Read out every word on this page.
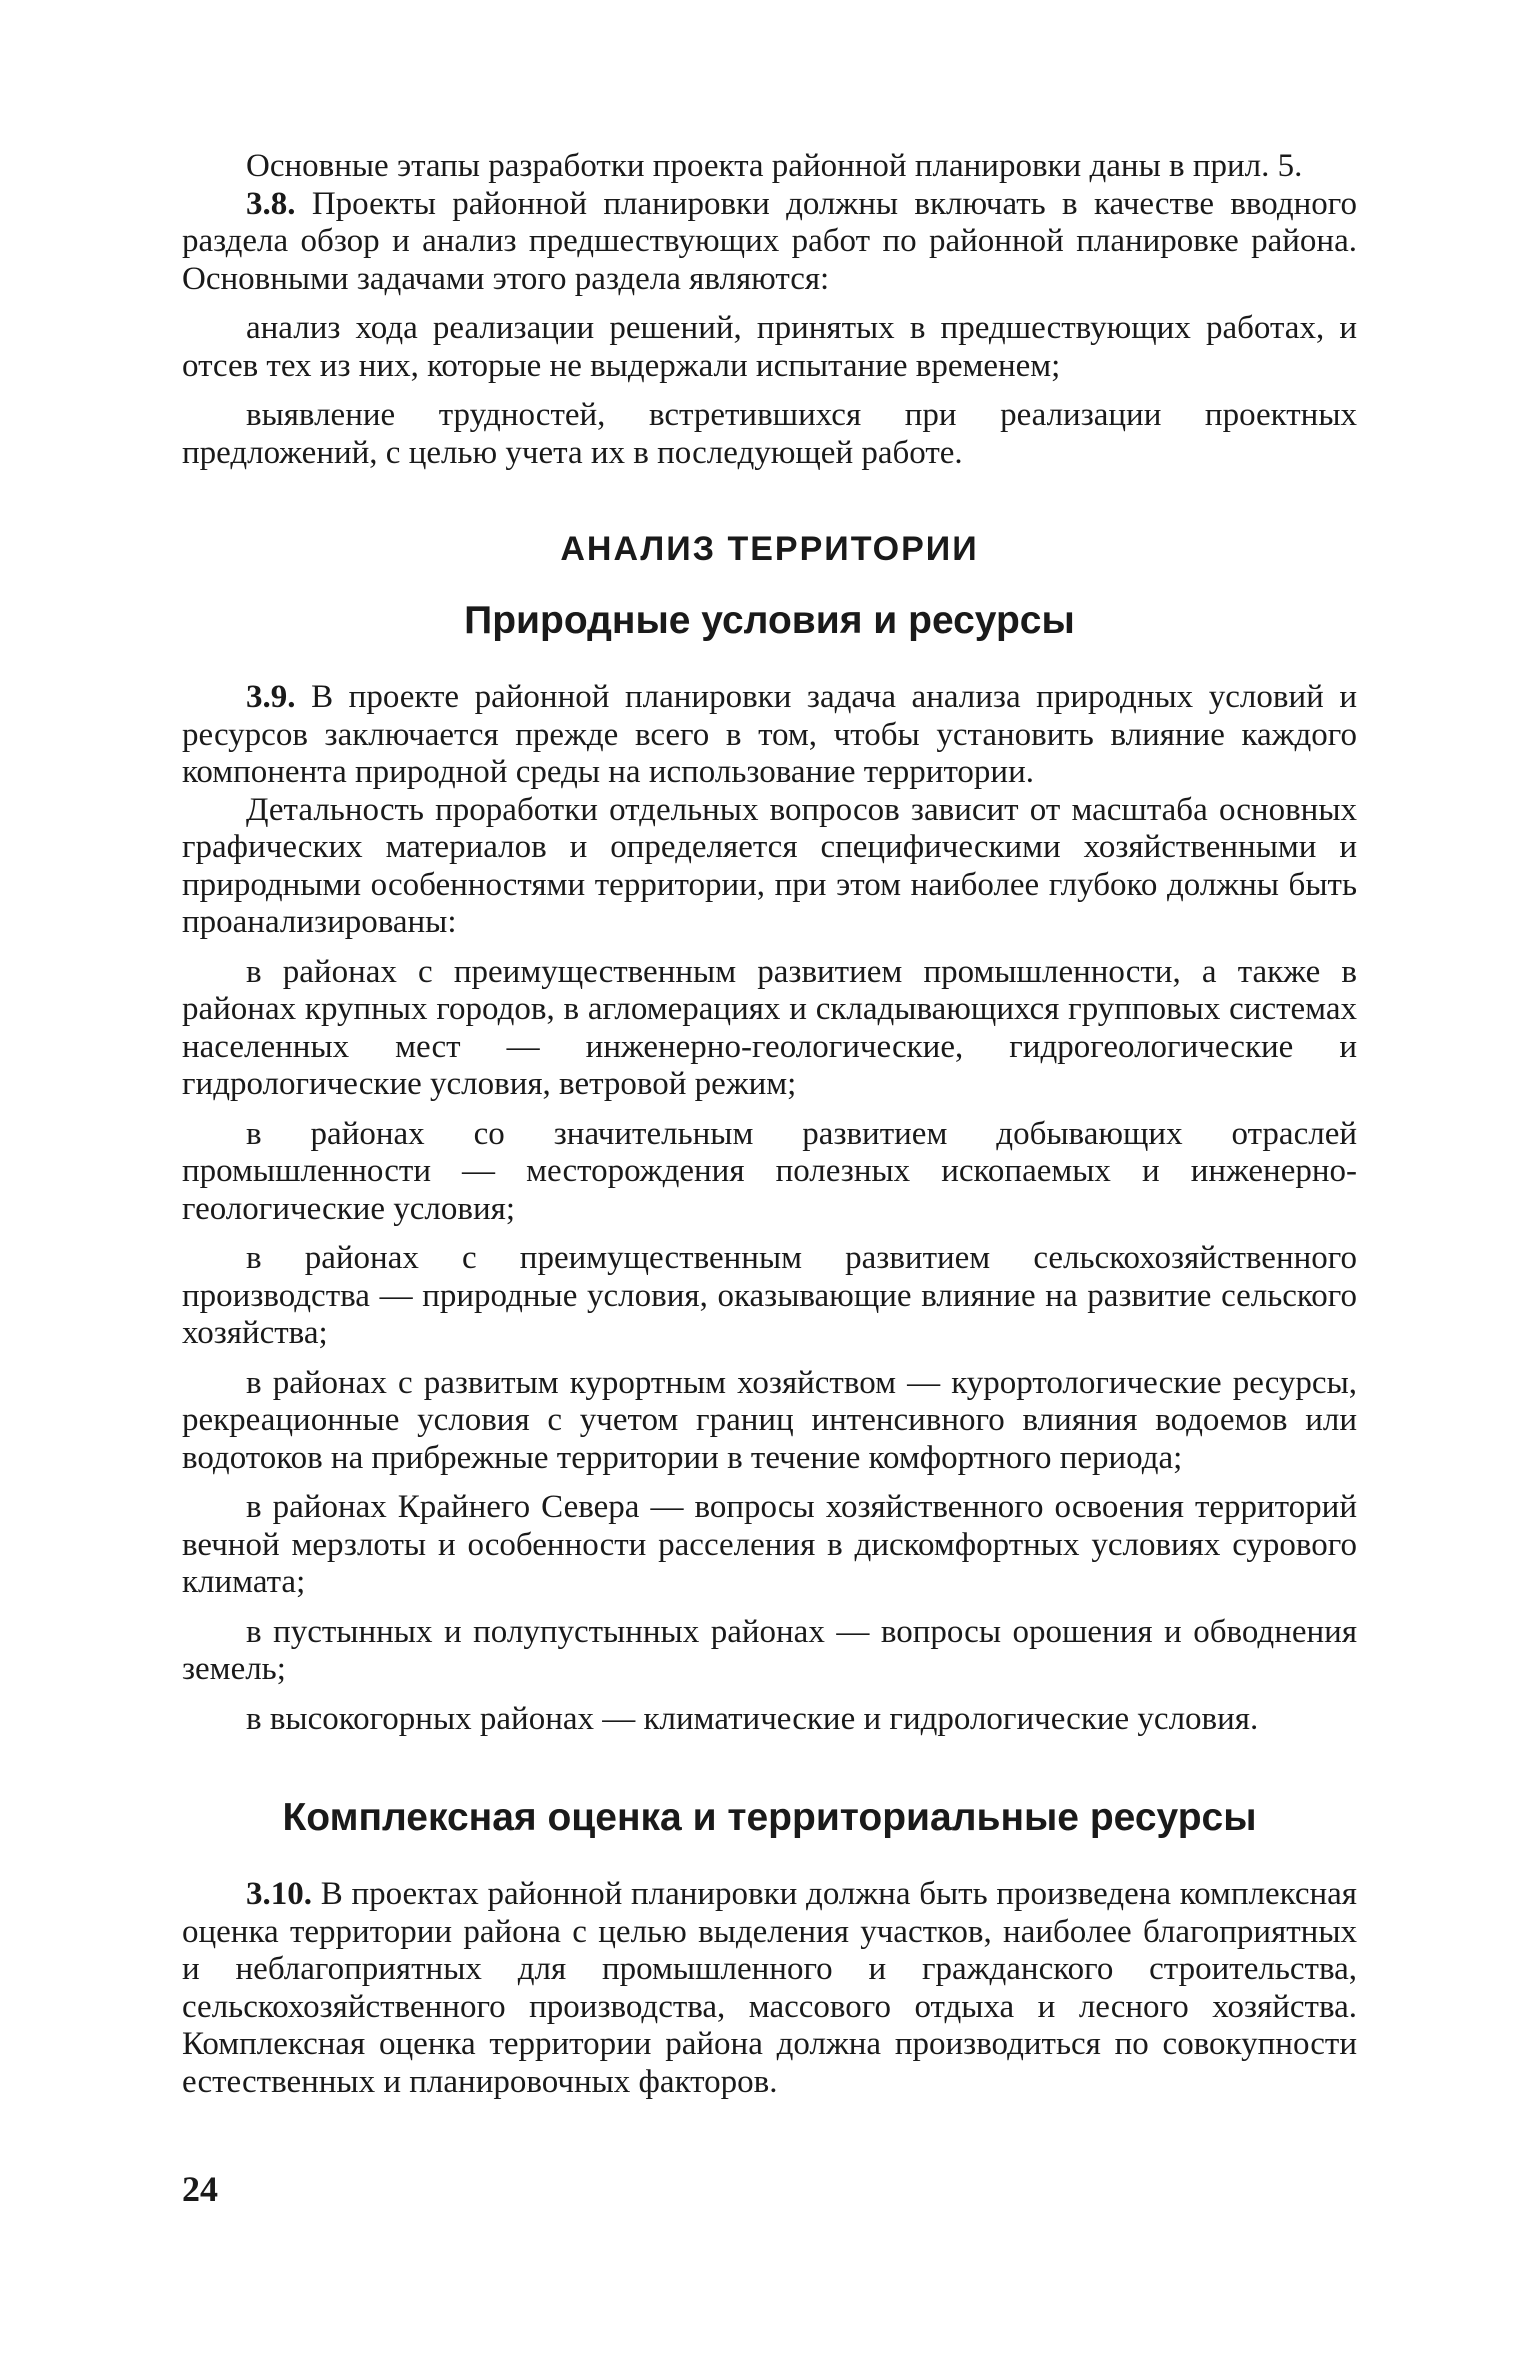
Основные этапы разработки проекта районной планировки даны в прил. 5.

3.8. Проекты районной планировки должны включать в качестве вводного раздела обзор и анализ предшествующих работ по районной планировке района. Основными задачами этого раздела являются:

анализ хода реализации решений, принятых в предшествующих работах, и отсев тех из них, которые не выдержали испытание временем;

выявление трудностей, встретившихся при реализации проектных предложений, с целью учета их в последующей работе.

АНАЛИЗ ТЕРРИТОРИИ
Природные условия и ресурсы

3.9. В проекте районной планировки задача анализа природных условий и ресурсов заключается прежде всего в том, чтобы установить влияние каждого компонента природной среды на использование территории.

Детальность проработки отдельных вопросов зависит от масштаба основных графических материалов и определяется специфическими хозяйственными и природными особенностями территории, при этом наиболее глубоко должны быть проанализированы:

в районах с преимущественным развитием промышленности, а также в районах крупных городов, в агломерациях и складывающихся групповых системах населенных мест — инженерно-геологические, гидрогеологические и гидрологические условия, ветровой режим;

в районах со значительным развитием добывающих отраслей промышленности — месторождения полезных ископаемых и инженерно-геологические условия;

в районах с преимущественным развитием сельскохозяйственного производства — природные условия, оказывающие влияние на развитие сельского хозяйства;

в районах с развитым курортным хозяйством — курортологические ресурсы, рекреационные условия с учетом границ интенсивного влияния водоемов или водотоков на прибрежные территории в течение комфортного периода;

в районах Крайнего Севера — вопросы хозяйственного освоения территорий вечной мерзлоты и особенности расселения в дискомфортных условиях сурового климата;

в пустынных и полупустынных районах — вопросы орошения и обводнения земель;

в высокогорных районах — климатические и гидрологические условия.

Комплексная оценка и территориальные ресурсы

3.10. В проектах районной планировки должна быть произведена комплексная оценка территории района с целью выделения участков, наиболее благоприятных и неблагоприятных для промышленного и гражданского строительства, сельскохозяйственного производства, массового отдыха и лесного хозяйства. Комплексная оценка территории района должна производиться по совокупности естественных и планировочных факторов.

24
